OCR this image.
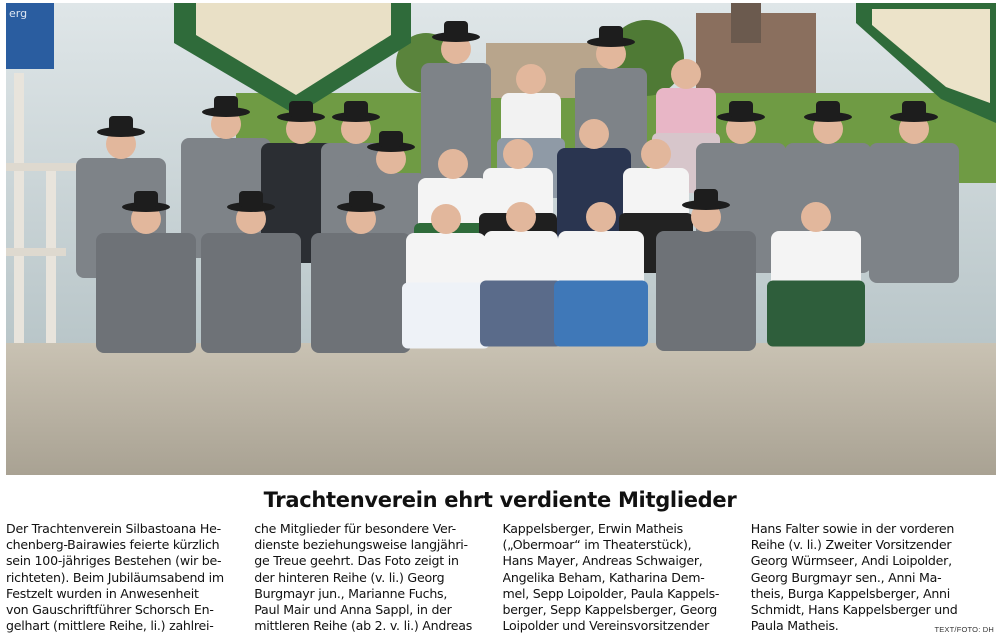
erg
Trachtenverein ehrt verdiente Mitglieder

Der Trachtenverein Silbastoana He-
chenberg-Bairawies feierte kürzlich
sein 100-jähriges Bestehen (wir be-
richteten). Beim Jubiläumsabend im
Festzelt wurden in Anwesenheit
von Gauschriftführer Schorsch En-
gelhart (mittlere Reihe, li.) zahlrei-

che Mitglieder für besondere Ver-
dienste beziehungsweise langjähri-
ge Treue geehrt. Das Foto zeigt in
der hinteren Reihe (v. li.) Georg
Burgmayr jun., Marianne Fuchs,
Paul Mair und Anna Sappl, in der
mittleren Reihe (ab 2. v. li.) Andreas

Kappelsberger, Erwin Matheis
(„Obermoar“ im Theaterstück),
Hans Mayer, Andreas Schwaiger,
Angelika Beham, Katharina Dem-
mel, Sepp Loipolder, Paula Kappels-
berger, Sepp Kappelsberger, Georg
Loipolder und Vereinsvorsitzender

Hans Falter sowie in der vorderen
Reihe (v. li.) Zweiter Vorsitzender
Georg Würmseer, Andi Loipolder,
Georg Burgmayr sen., Anni Ma-
theis, Burga Kappelsberger, Anni
Schmidt, Hans Kappelsberger und
Paula Matheis.	TEXT/FOTO: DH
